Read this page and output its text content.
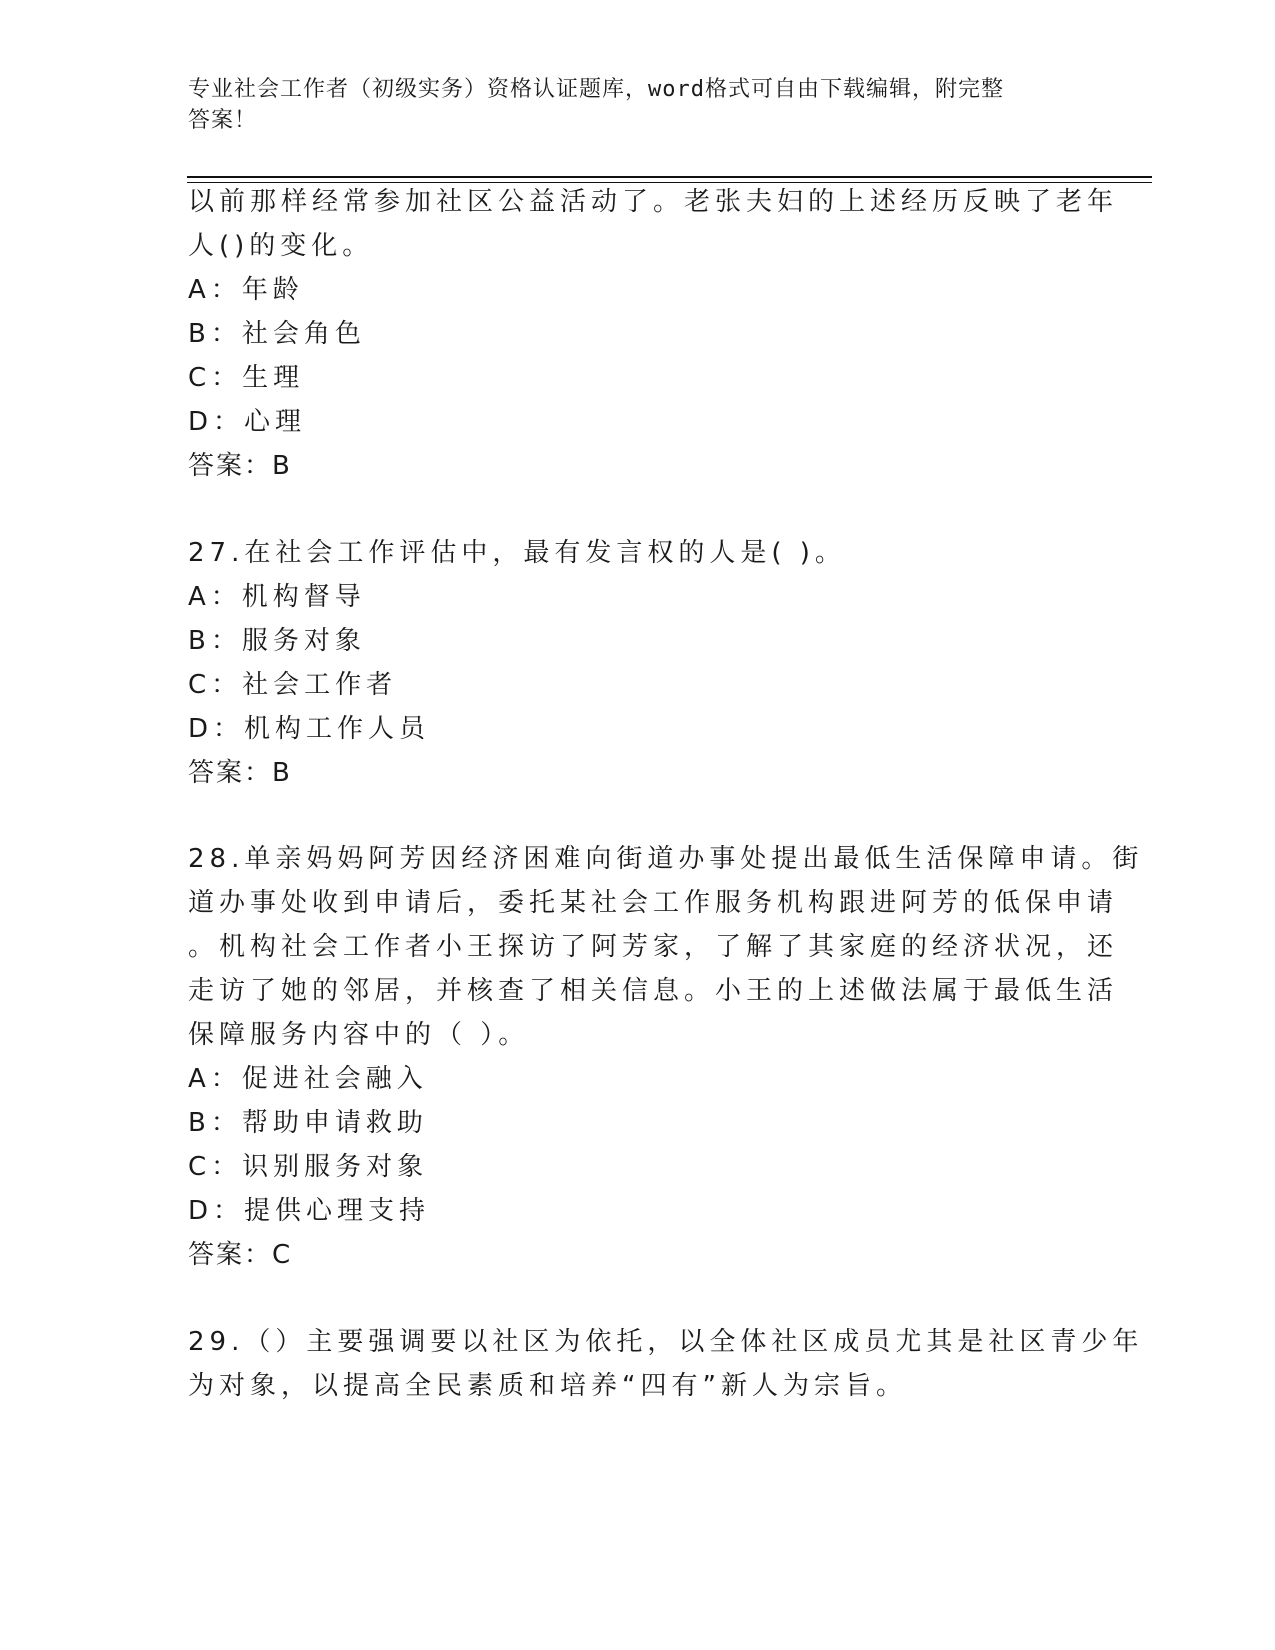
专业社会工作者（初级实务）资格认证题库，word格式可自由下载编辑，附完整
答案！
以前那样经常参加社区公益活动了。老张夫妇的上述经历反映了老年
人()的变化。
A：年龄
B：社会角色
C：生理
D：心理
答案：B
27.在社会工作评估中，最有发言权的人是( )。
A：机构督导
B：服务对象
C：社会工作者
D：机构工作人员
答案：B
28.单亲妈妈阿芳因经济困难向街道办事处提出最低生活保障申请。街
道办事处收到申请后，委托某社会工作服务机构跟进阿芳的低保申请
。机构社会工作者小王探访了阿芳家，了解了其家庭的经济状况，还
走访了她的邻居，并核查了相关信息。小王的上述做法属于最低生活
保障服务内容中的（ ）。
A：促进社会融入
B：帮助申请救助
C：识别服务对象
D：提供心理支持
答案：C
29.（）主要强调要以社区为依托，以全体社区成员尤其是社区青少年
为对象，以提高全民素质和培养“四有”新人为宗旨。
